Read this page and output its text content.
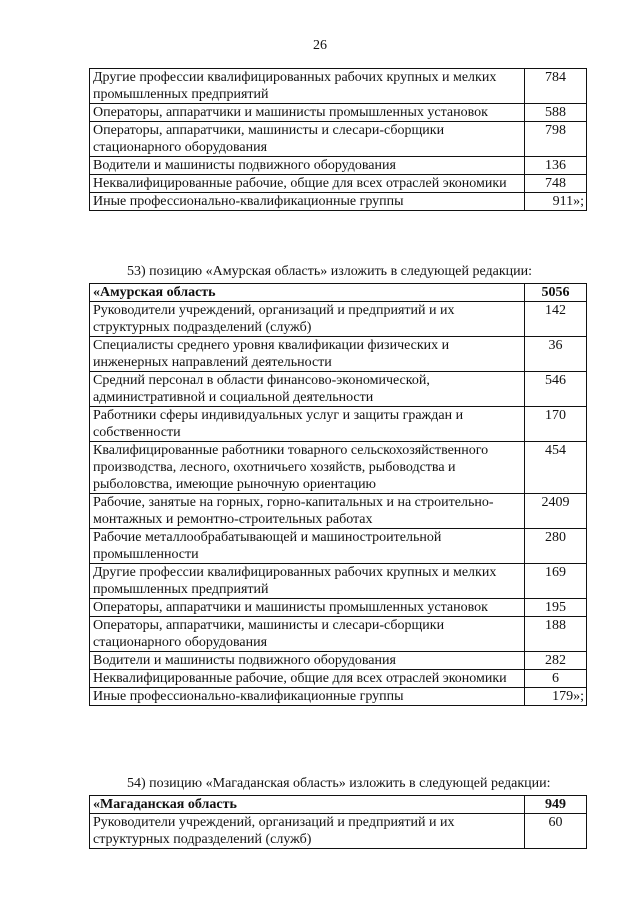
26
Другие профессии квалифицированных рабочих крупных и мелких промышленных предприятий	784
Операторы, аппаратчики и машинисты промышленных установок	588
Операторы, аппаратчики, машинисты и слесари-сборщики стационарного оборудования	798
Водители и машинисты подвижного оборудования	136
Неквалифицированные рабочие, общие для всех отраслей экономики	748
Иные профессионально-квалификационные группы	911»;
53) позицию «Амурская область» изложить в следующей редакции:
«Амурская область	5056
Руководители учреждений, организаций и предприятий и их структурных подразделений (служб)	142
Специалисты среднего уровня квалификации физических и инженерных направлений деятельности	36
Средний персонал в области финансово-экономической, административной и социальной деятельности	546
Работники сферы индивидуальных услуг и защиты граждан и собственности	170
Квалифицированные работники товарного сельскохозяйственного производства, лесного, охотничьего хозяйств, рыбоводства и рыболовства, имеющие рыночную ориентацию	454
Рабочие, занятые на горных, горно-капитальных и на строительно-монтажных и ремонтно-строительных работах	2409
Рабочие металлообрабатывающей и машиностроительной промышленности	280
Другие профессии квалифицированных рабочих крупных и мелких промышленных предприятий	169
Операторы, аппаратчики и машинисты промышленных установок	195
Операторы, аппаратчики, машинисты и слесари-сборщики стационарного оборудования	188
Водители и машинисты подвижного оборудования	282
Неквалифицированные рабочие, общие для всех отраслей экономики	6
Иные профессионально-квалификационные группы	179»;
54) позицию «Магаданская область» изложить в следующей редакции:
«Магаданская область	949
Руководители учреждений, организаций и предприятий и их структурных подразделений (служб)	60
